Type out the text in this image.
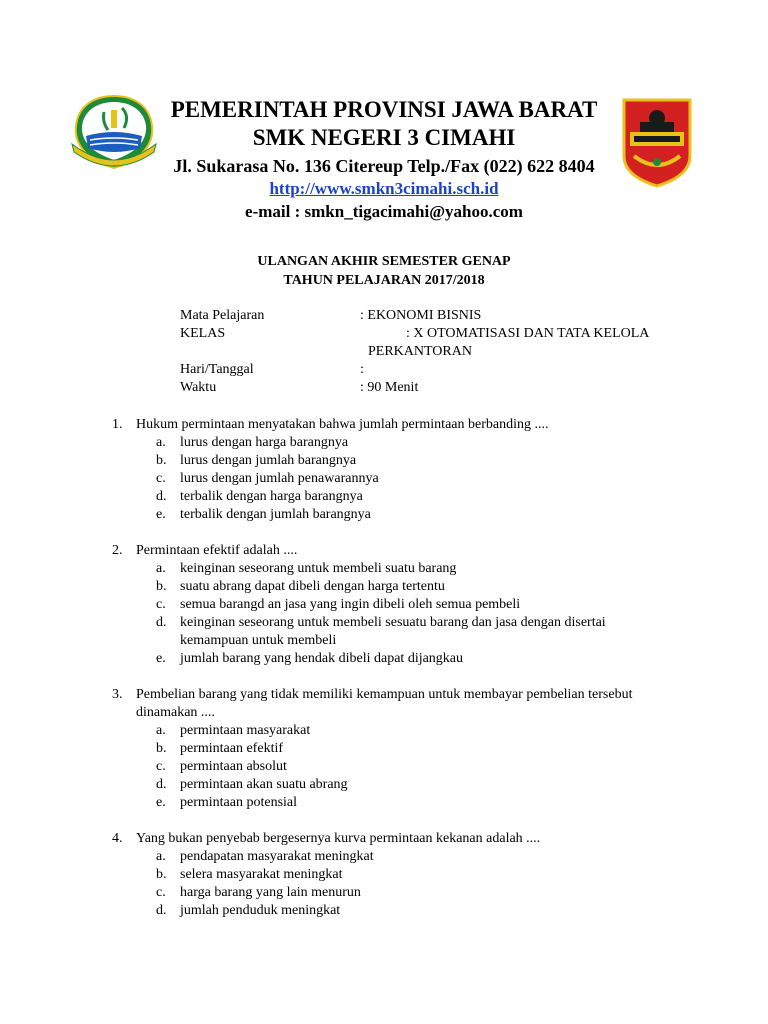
PEMERINTAH PROVINSI JAWA BARAT
SMK NEGERI 3 CIMAHI
Jl. Sukarasa No. 136 Citereup Telp./Fax (022) 622 8404
http://www.smkn3cimahi.sch.id
e-mail : smkn_tigacimahi@yahoo.com
ULANGAN AKHIR SEMESTER GENAP
TAHUN PELAJARAN 2017/2018
Mata Pelajaran	: EKONOMI BISNIS
KELAS	: X OTOMATISASI DAN TATA KELOLA
PERKANTORAN
Hari/Tanggal	:
Waktu	: 90 Menit
1. Hukum permintaan menyatakan bahwa jumlah permintaan berbanding ....
a. lurus dengan harga barangnya
b. lurus dengan jumlah barangnya
c. lurus dengan jumlah penawarannya
d. terbalik dengan harga barangnya
e. terbalik dengan jumlah barangnya
2. Permintaan efektif adalah ....
a. keinginan seseorang untuk membeli suatu barang
b. suatu abrang dapat dibeli dengan harga tertentu
c. semua barangd an jasa yang ingin dibeli oleh semua pembeli
d. keinginan seseorang untuk membeli sesuatu barang dan jasa dengan disertai kemampuan untuk membeli
e. jumlah barang yang hendak dibeli dapat dijangkau
3. Pembelian barang yang tidak memiliki kemampuan untuk membayar pembelian tersebut dinamakan ....
a. permintaan masyarakat
b. permintaan efektif
c. permintaan absolut
d. permintaan akan suatu abrang
e. permintaan potensial
4. Yang bukan penyebab bergesernya kurva permintaan kekanan adalah ....
a. pendapatan masyarakat meningkat
b. selera masyarakat meningkat
c. harga barang yang lain menurun
d. jumlah penduduk meningkat
